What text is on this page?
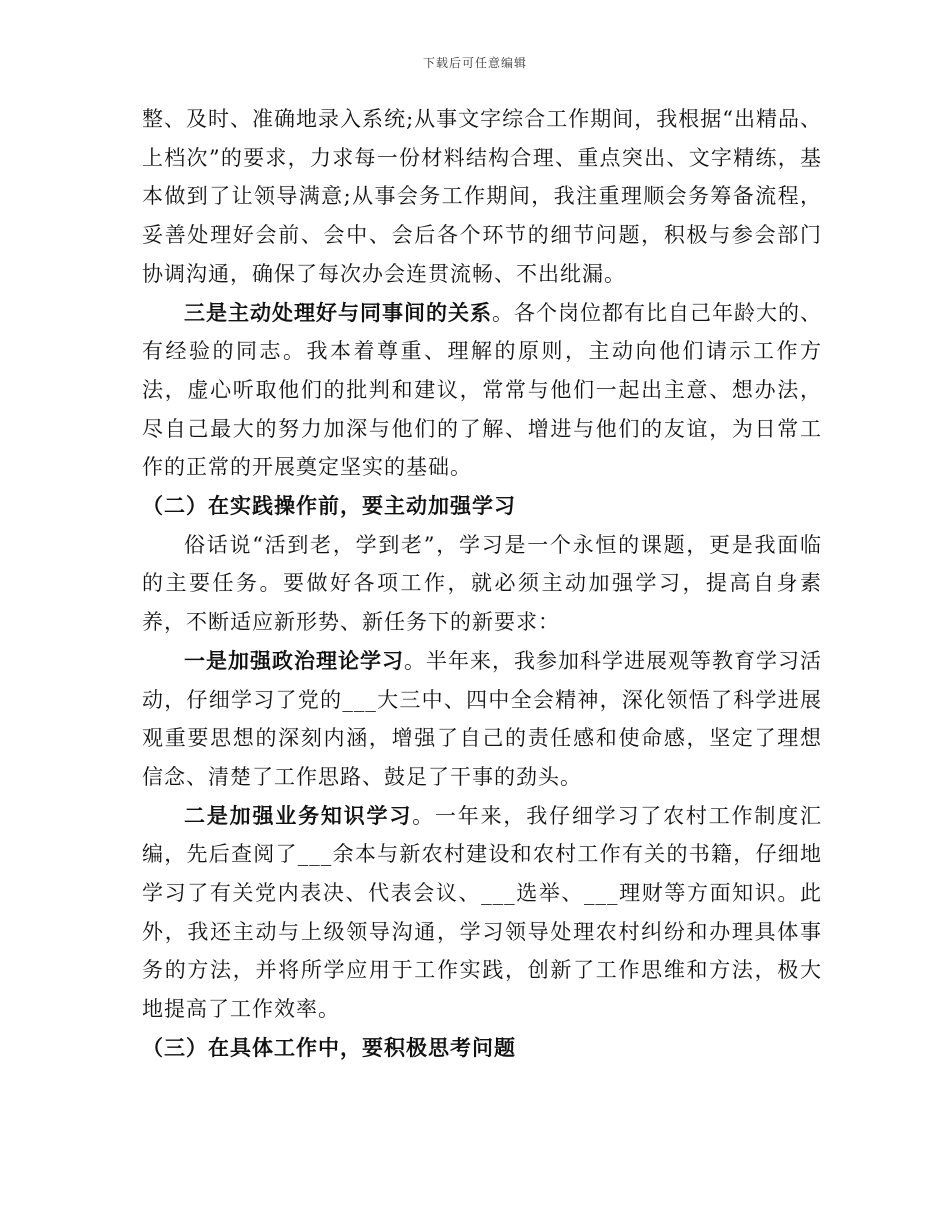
下载后可任意编辑

整、及时、准确地录入系统;从事文字综合工作期间，我根据“出精品、上档次”的要求，力求每一份材料结构合理、重点突出、文字精练，基本做到了让领导满意;从事会务工作期间，我注重理顺会务筹备流程，妥善处理好会前、会中、会后各个环节的细节问题，积极与参会部门协调沟通，确保了每次办会连贯流畅、不出纰漏。

三是主动处理好与同事间的关系。各个岗位都有比自己年龄大的、有经验的同志。我本着尊重、理解的原则，主动向他们请示工作方法，虚心听取他们的批判和建议，常常与他们一起出主意、想办法，尽自己最大的努力加深与他们的了解、增进与他们的友谊，为日常工作的正常的开展奠定坚实的基础。

（二）在实践操作前，要主动加强学习

俗话说“活到老，学到老”，学习是一个永恒的课题，更是我面临的主要任务。要做好各项工作，就必须主动加强学习，提高自身素养，不断适应新形势、新任务下的新要求：

一是加强政治理论学习。半年来，我参加科学进展观等教育学习活动，仔细学习了党的___大三中、四中全会精神，深化领悟了科学进展观重要思想的深刻内涵，增强了自己的责任感和使命感，坚定了理想信念、清楚了工作思路、鼓足了干事的劲头。

二是加强业务知识学习。一年来，我仔细学习了农村工作制度汇编，先后查阅了___余本与新农村建设和农村工作有关的书籍，仔细地学习了有关党内表决、代表会议、___选举、___理财等方面知识。此外，我还主动与上级领导沟通，学习领导处理农村纠纷和办理具体事务的方法，并将所学应用于工作实践，创新了工作思维和方法，极大地提高了工作效率。

（三）在具体工作中，要积极思考问题
